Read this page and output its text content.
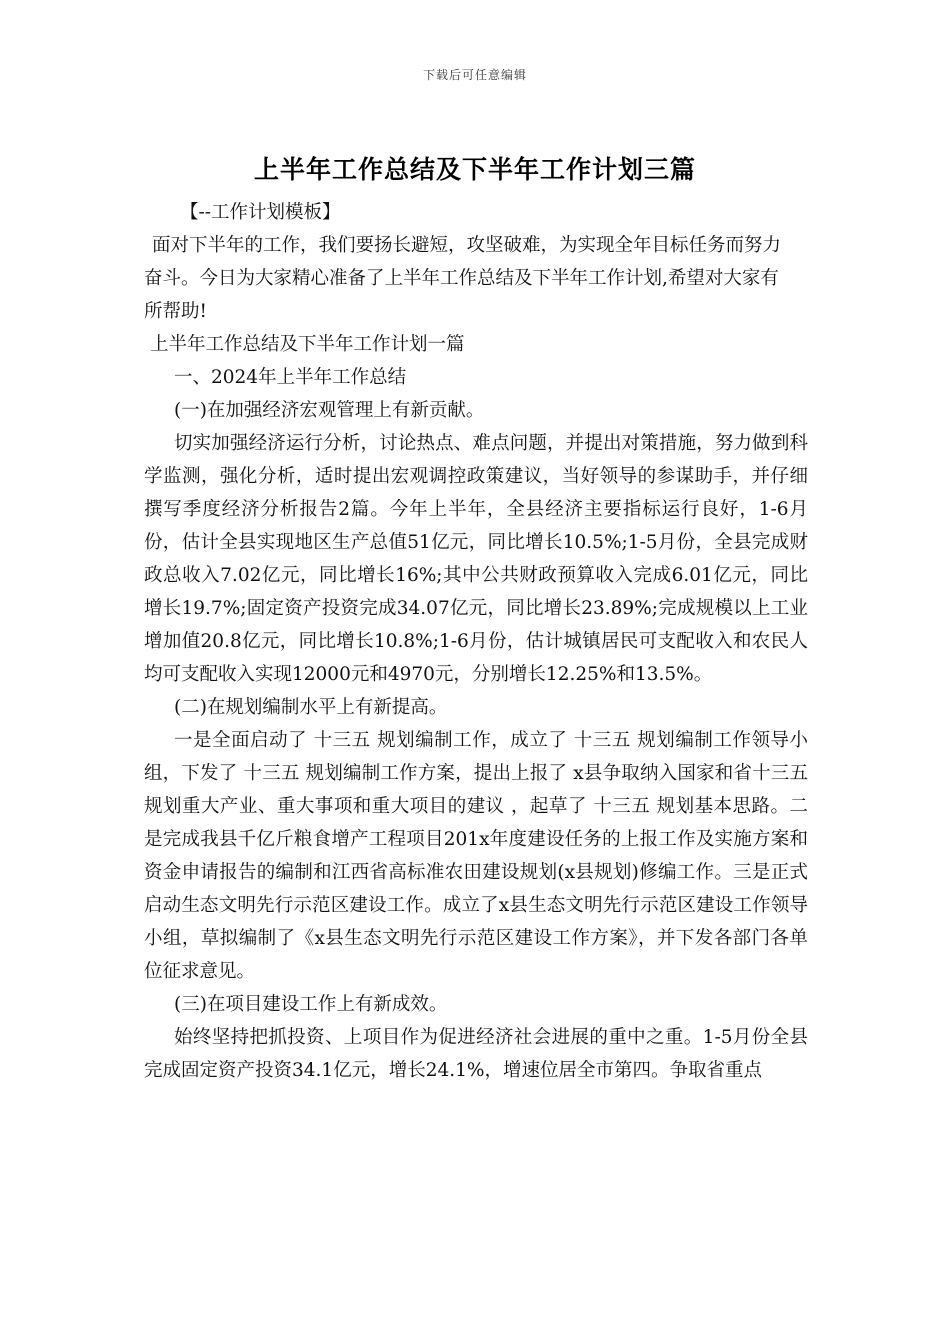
下载后可任意编辑
上半年工作总结及下半年工作计划三篇

【--工作计划模板】

面对下半年的工作，我们要扬长避短，攻坚破难，为实现全年目标任务而努力

奋斗。今日为大家精心准备了上半年工作总结及下半年工作计划,希望对大家有

所帮助!

上半年工作总结及下半年工作计划一篇

一、2024年上半年工作总结

(一)在加强经济宏观管理上有新贡献。

切实加强经济运行分析，讨论热点、难点问题，并提出对策措施，努力做到科学监测，强化分析，适时提出宏观调控政策建议，当好领导的参谋助手，并仔细撰写季度经济分析报告2篇。今年上半年，全县经济主要指标运行良好，1-6月份，估计全县实现地区生产总值51亿元，同比增长10.5%;1-5月份，全县完成财政总收入7.02亿元，同比增长16%;其中公共财政预算收入完成6.01亿元，同比增长19.7%;固定资产投资完成34.07亿元，同比增长23.89%;完成规模以上工业增加值20.8亿元，同比增长10.8%;1-6月份，估计城镇居民可支配收入和农民人均可支配收入实现12000元和4970元，分别增长12.25%和13.5%。

(二)在规划编制水平上有新提高。

一是全面启动了 十三五 规划编制工作，成立了 十三五 规划编制工作领导小组，下发了 十三五 规划编制工作方案，提出上报了 x县争取纳入国家和省十三五规划重大产业、重大事项和重大项目的建议 ，起草了 十三五 规划基本思路。二是完成我县千亿斤粮食增产工程项目201x年度建设任务的上报工作及实施方案和资金申请报告的编制和江西省高标准农田建设规划(x县规划)修编工作。三是正式启动生态文明先行示范区建设工作。成立了x县生态文明先行示范区建设工作领导小组，草拟编制了《x县生态文明先行示范区建设工作方案》，并下发各部门各单位征求意见。

(三)在项目建设工作上有新成效。

始终坚持把抓投资、上项目作为促进经济社会进展的重中之重。1-5月份全县完成固定资产投资34.1亿元，增长24.1%，增速位居全市第四。争取省重点
